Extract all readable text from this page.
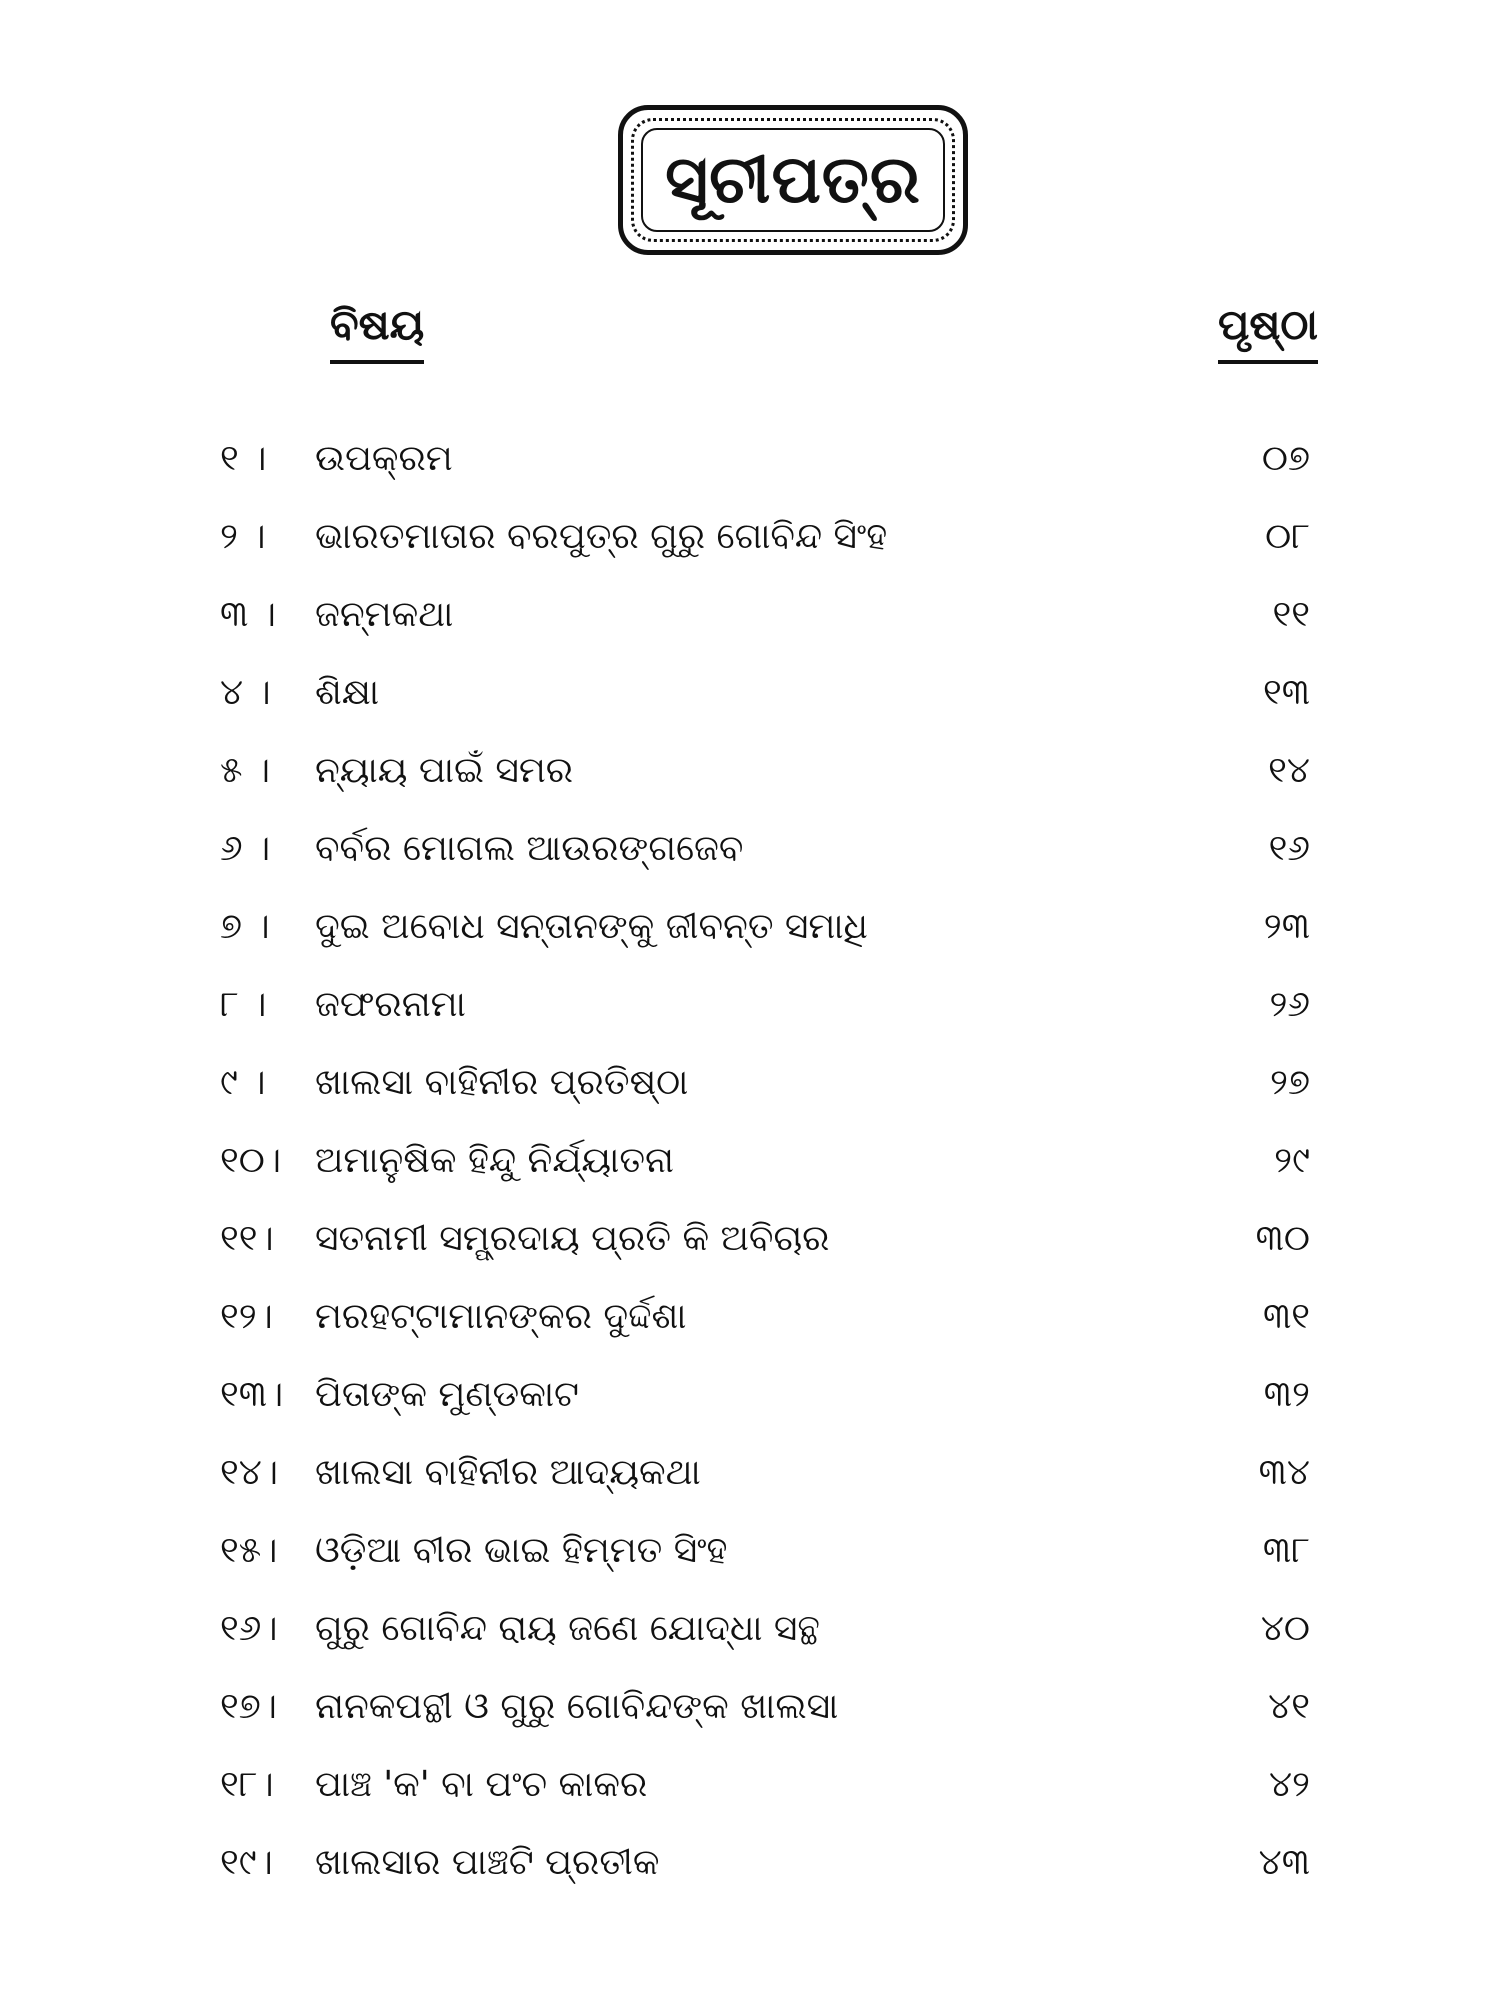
ସୂଚୀପତ୍ର
ବିଷୟ	ପୃଷ୍ଠା
୧ ।	ଉପକ୍ରମ	୦୭
୨ ।	ଭାରତମାତାର ବରପୁତ୍ର ଗୁରୁ ଗୋବିନ୍ଦ ସିଂହ	୦୮
୩ ।	ଜନ୍ମକଥା	୧୧
୪ ।	ଶିକ୍ଷା	୧୩
୫ ।	ନ୍ୟାୟ ପାଇଁ ସମର	୧୪
୬ ।	ବର୍ବର ମୋଗଲ ଆଉରଙ୍ଗଜେବ	୧୬
୭ ।	ଦୁଇ ଅବୋଧ ସନ୍ତାନଙ୍କୁ ଜୀବନ୍ତ ସମାଧି	୨୩
୮ ।	ଜଫରନାମା	୨୬
୯ ।	ଖାଲସା ବାହିନୀର ପ୍ରତିଷ୍ଠା	୨୭
୧୦। ଅମାନୁଷିକ ହିନ୍ଦୁ ନିର୍ଯ୍ୟାତନା	୨୯
୧୧।	ସତନାମୀ ସମ୍ପ୍ରଦାୟ ପ୍ରତି କି ଅବିଚାର	୩୦
୧୨।	ମରହଟ୍ଟାମାନଙ୍କର ଦୁର୍ଦ୍ଦଶା	୩୧
୧୩। ପିତାଙ୍କ ମୁଣ୍ଡକାଟ	୩୨
୧୪।	ଖାଲସା ବାହିନୀର ଆଦ୍ୟକଥା	୩୪
୧୫।	ଓଡ଼ିଆ ବୀର ଭାଇ ହିମ୍ମତ ସିଂହ	୩୮
୧୬।	ଗୁରୁ ଗୋବିନ୍ଦ ରାୟ ଜଣେ ଯୋଦ୍ଧା ସନ୍ଥ	୪୦
୧୭।	ନାନକପନ୍ଥୀ ଓ ଗୁରୁ ଗୋବିନ୍ଦଙ୍କ ଖାଲସା	୪୧
୧୮।	ପାଞ୍ଚ 'କ' ବା ପଂଚ କାକର	୪୨
୧୯।	ଖାଲସାର ପାଞ୍ଚଟି ପ୍ରତୀକ	୪୩
